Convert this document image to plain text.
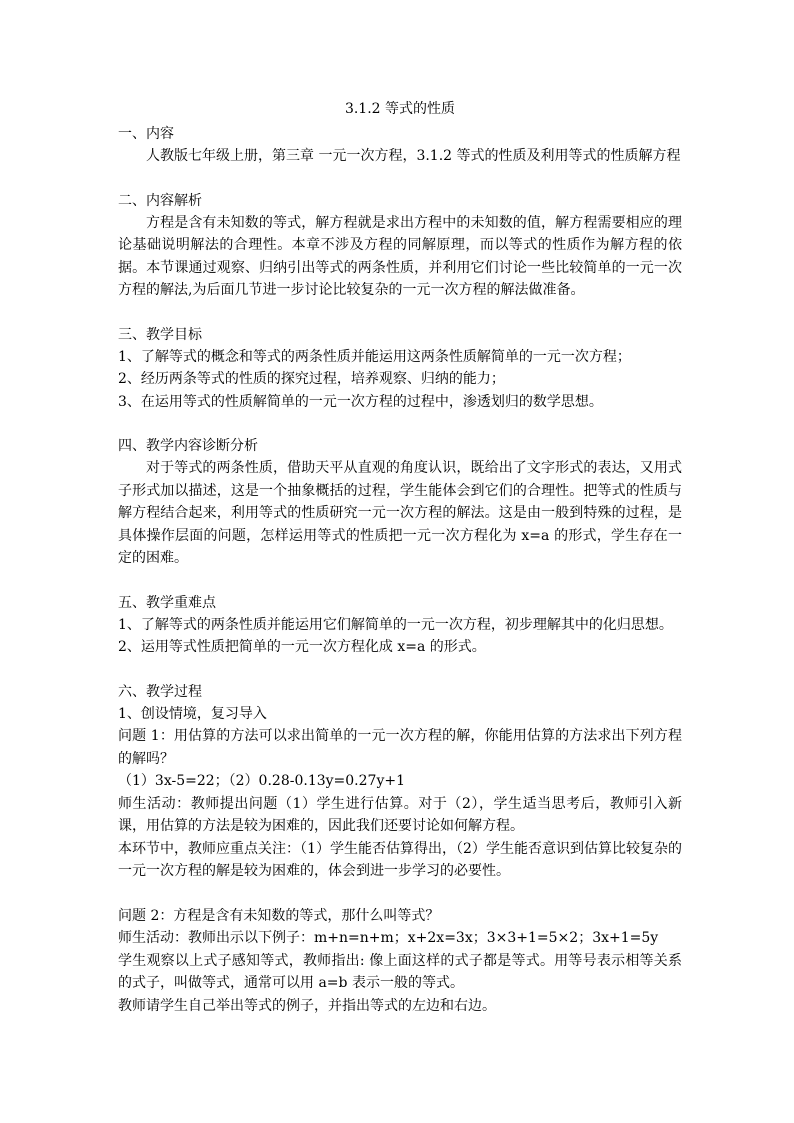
3.1.2 等式的性质

一、内容

人教版七年级上册，第三章 一元一次方程，3.1.2 等式的性质及利用等式的性质解方程

二、内容解析

方程是含有未知数的等式，解方程就是求出方程中的未知数的值，解方程需要相应的理论基础说明解法的合理性。本章不涉及方程的同解原理，而以等式的性质作为解方程的依据。本节课通过观察、归纳引出等式的两条性质，并利用它们讨论一些比较简单的一元一次方程的解法,为后面几节进一步讨论比较复杂的一元一次方程的解法做准备。

三、教学目标

1、了解等式的概念和等式的两条性质并能运用这两条性质解简单的一元一次方程；

2、经历两条等式的性质的探究过程，培养观察、归纳的能力；

3、在运用等式的性质解简单的一元一次方程的过程中，渗透划归的数学思想。

四、教学内容诊断分析

对于等式的两条性质，借助天平从直观的角度认识，既给出了文字形式的表达，又用式子形式加以描述，这是一个抽象概括的过程，学生能体会到它们的合理性。把等式的性质与解方程结合起来，利用等式的性质研究一元一次方程的解法。这是由一般到特殊的过程，是具体操作层面的问题，怎样运用等式的性质把一元一次方程化为 x=a 的形式，学生存在一定的困难。

五、教学重难点

1、了解等式的两条性质并能运用它们解简单的一元一次方程，初步理解其中的化归思想。

2、运用等式性质把简单的一元一次方程化成 x=a 的形式。

六、教学过程

1、创设情境，复习导入

问题 1：用估算的方法可以求出简单的一元一次方程的解，你能用估算的方法求出下列方程的解吗？

（1）3x-5=22；（2）0.28-0.13y=0.27y+1

师生活动：教师提出问题（1）学生进行估算。对于（2），学生适当思考后，教师引入新课，用估算的方法是较为困难的，因此我们还要讨论如何解方程。

本环节中，教师应重点关注：（1）学生能否估算得出，（2）学生能否意识到估算比较复杂的一元一次方程的解是较为困难的，体会到进一步学习的必要性。

问题 2：方程是含有未知数的等式，那什么叫等式？

师生活动：教师出示以下例子：m+n=n+m；x+2x=3x；3×3+1=5×2；3x+1=5y

学生观察以上式子感知等式，教师指出: 像上面这样的式子都是等式。用等号表示相等关系的式子，叫做等式，通常可以用 a=b 表示一般的等式。

教师请学生自己举出等式的例子，并指出等式的左边和右边。
